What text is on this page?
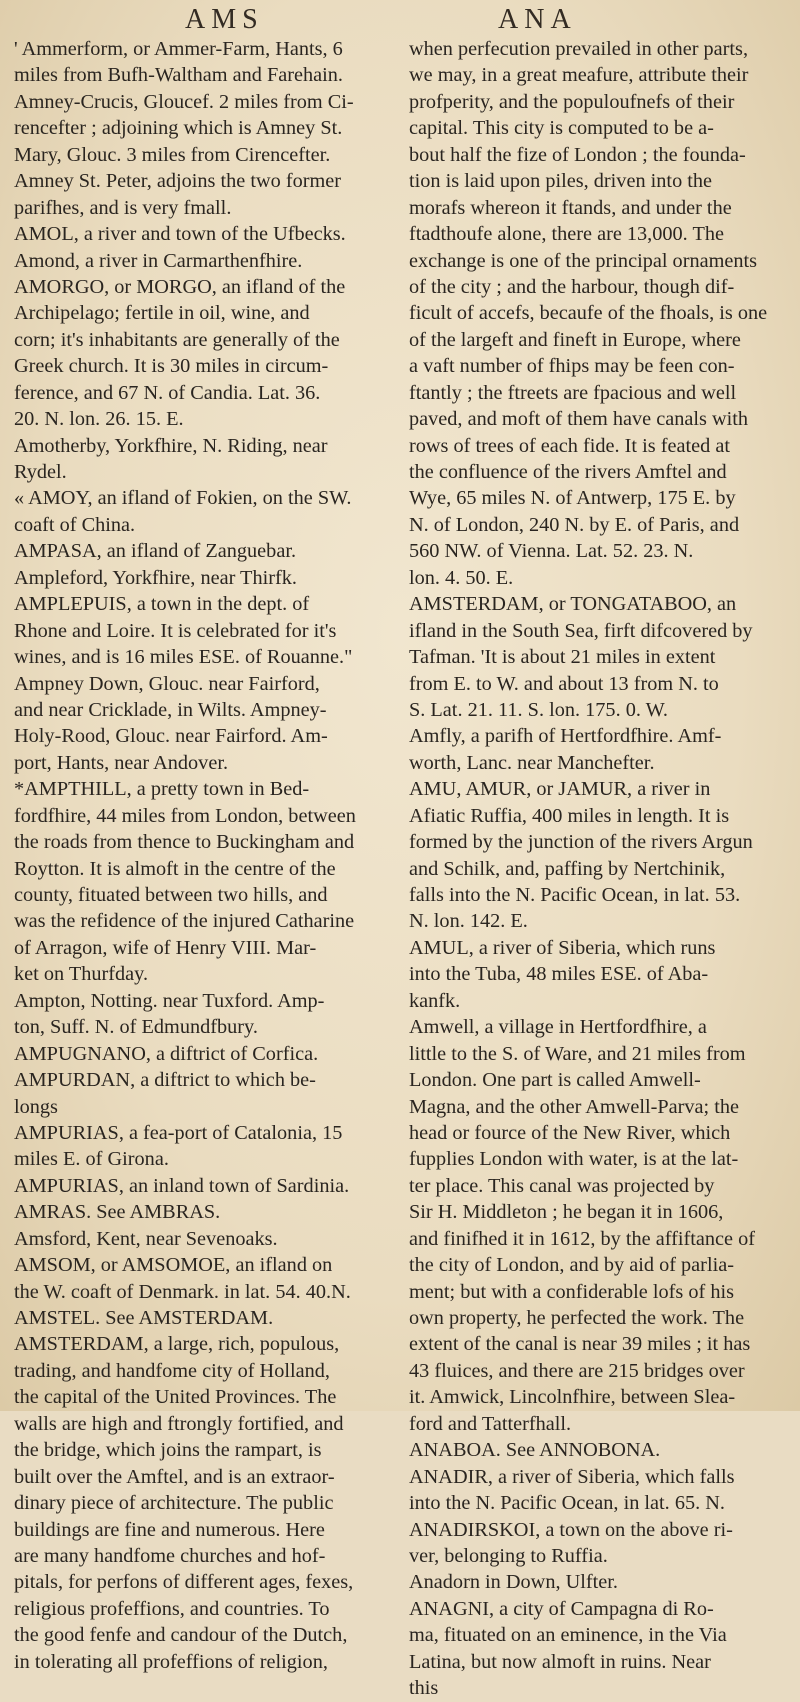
AMS	ANA
' Ammerform, or Ammer-Farm, Hants, 6
miles from Bufh-Waltham and Farehain.
Amney-Crucis, Gloucef. 2 miles from Ci-
rencefter ; adjoining which is Amney St.
Mary, Glouc. 3 miles from Cirencefter.
Amney St. Peter, adjoins the two former
parifhes, and is very fmall.
AMOL, a river and town of the Ufbecks.
Amond, a river in Carmarthenfhire.
AMORGO, or MORGO, an ifland of the
Archipelago; fertile in oil, wine, and
corn; it's inhabitants are generally of the
Greek church. It is 30 miles in circum-
ference, and 67 N. of Candia. Lat. 36.
20. N. lon. 26. 15. E.
Amotherby, Yorkfhire, N. Riding, near
Rydel.
« AMOY, an ifland of Fokien, on the SW.
coaft of China.
AMPASA, an ifland of Zanguebar.
Ampleford, Yorkfhire, near Thirfk.
AMPLEPUIS, a town in the dept. of
Rhone and Loire. It is celebrated for it's
wines, and is 16 miles ESE. of Rouanne."
Ampney Down, Glouc. near Fairford,
and near Cricklade, in Wilts. Ampney-
Holy-Rood, Glouc. near Fairford. Am-
port, Hants, near Andover.
*AMPTHILL, a pretty town in Bed-
fordfhire, 44 miles from London, between
the roads from thence to Buckingham and
Roytton. It is almoft in the centre of the
county, fituated between two hills, and
was the refidence of the injured Catharine
of Arragon, wife of Henry VIII. Mar-
ket on Thurfday.
Ampton, Notting. near Tuxford. Amp-
ton, Suff. N. of Edmundfbury.
AMPUGNANO, a diftrict of Corfica.
AMPURDAN, a diftrict to which be-
longs
AMPURIAS, a fea-port of Catalonia, 15
miles E. of Girona.
AMPURIAS, an inland town of Sardinia.
AMRAS. See AMBRAS.
Amsford, Kent, near Sevenoaks.
AMSOM, or AMSOMOE, an ifland on
the W. coaft of Denmark. in lat. 54. 40.N.
AMSTEL. See AMSTERDAM.
AMSTERDAM, a large, rich, populous,
trading, and handfome city of Holland,
the capital of the United Provinces. The
walls are high and ftrongly fortified, and
the bridge, which joins the rampart, is
built over the Amftel, and is an extraor-
dinary piece of architecture. The public
buildings are fine and numerous. Here
are many handfome churches and hof-
pitals, for perfons of different ages, fexes,
religious profeffions, and countries. To
the good fenfe and candour of the Dutch,
in tolerating all profeffions of religion,
when perfecution prevailed in other parts,
we may, in a great meafure, attribute their
profperity, and the populoufnefs of their
capital. This city is computed to be a-
bout half the fize of London ; the founda-
tion is laid upon piles, driven into the
morafs whereon it ftands, and under the
ftadthoufe alone, there are 13,000. The
exchange is one of the principal ornaments
of the city ; and the harbour, though dif-
ficult of accefs, becaufe of the fhoals, is one
of the largeft and fineft in Europe, where
a vaft number of fhips may be feen con-
ftantly ; the ftreets are fpacious and well
paved, and moft of them have canals with
rows of trees of each fide. It is feated at
the confluence of the rivers Amftel and
Wye, 65 miles N. of Antwerp, 175 E. by
N. of London, 240 N. by E. of Paris, and
560 NW. of Vienna. Lat. 52. 23. N.
lon. 4. 50. E.
AMSTERDAM, or TONGATABOO, an
ifland in the South Sea, firft difcovered by
Tafman. 'It is about 21 miles in extent
from E. to W. and about 13 from N. to
S. Lat. 21. 11. S. lon. 175. 0. W.
Amfly, a parifh of Hertfordfhire. Amf-
worth, Lanc. near Manchefter.
AMU, AMUR, or JAMUR, a river in
Afiatic Ruffia, 400 miles in length. It is
formed by the junction of the rivers Argun
and Schilk, and, paffing by Nertchinik,
falls into the N. Pacific Ocean, in lat. 53.
N. lon. 142. E.
AMUL, a river of Siberia, which runs
into the Tuba, 48 miles ESE. of Aba-
kanfk.
Amwell, a village in Hertfordfhire, a
little to the S. of Ware, and 21 miles from
London. One part is called Amwell-
Magna, and the other Amwell-Parva; the
head or fource of the New River, which
fupplies London with water, is at the lat-
ter place. This canal was projected by
Sir H. Middleton ; he began it in 1606,
and finifhed it in 1612, by the affiftance of
the city of London, and by aid of parlia-
ment; but with a confiderable lofs of his
own property, he perfected the work. The
extent of the canal is near 39 miles ; it has
43 fluices, and there are 215 bridges over
it. Amwick, Lincolnfhire, between Slea-
ford and Tatterfhall.
ANABOA. See ANNOBONA.
ANADIR, a river of Siberia, which falls
into the N. Pacific Ocean, in lat. 65. N.
ANADIRSKOI, a town on the above ri-
ver, belonging to Ruffia.
Anadorn in Down, Ulfter.
ANAGNI, a city of Campagna di Ro-
ma, fituated on an eminence, in the Via
Latina, but now almoft in ruins. Near
this
